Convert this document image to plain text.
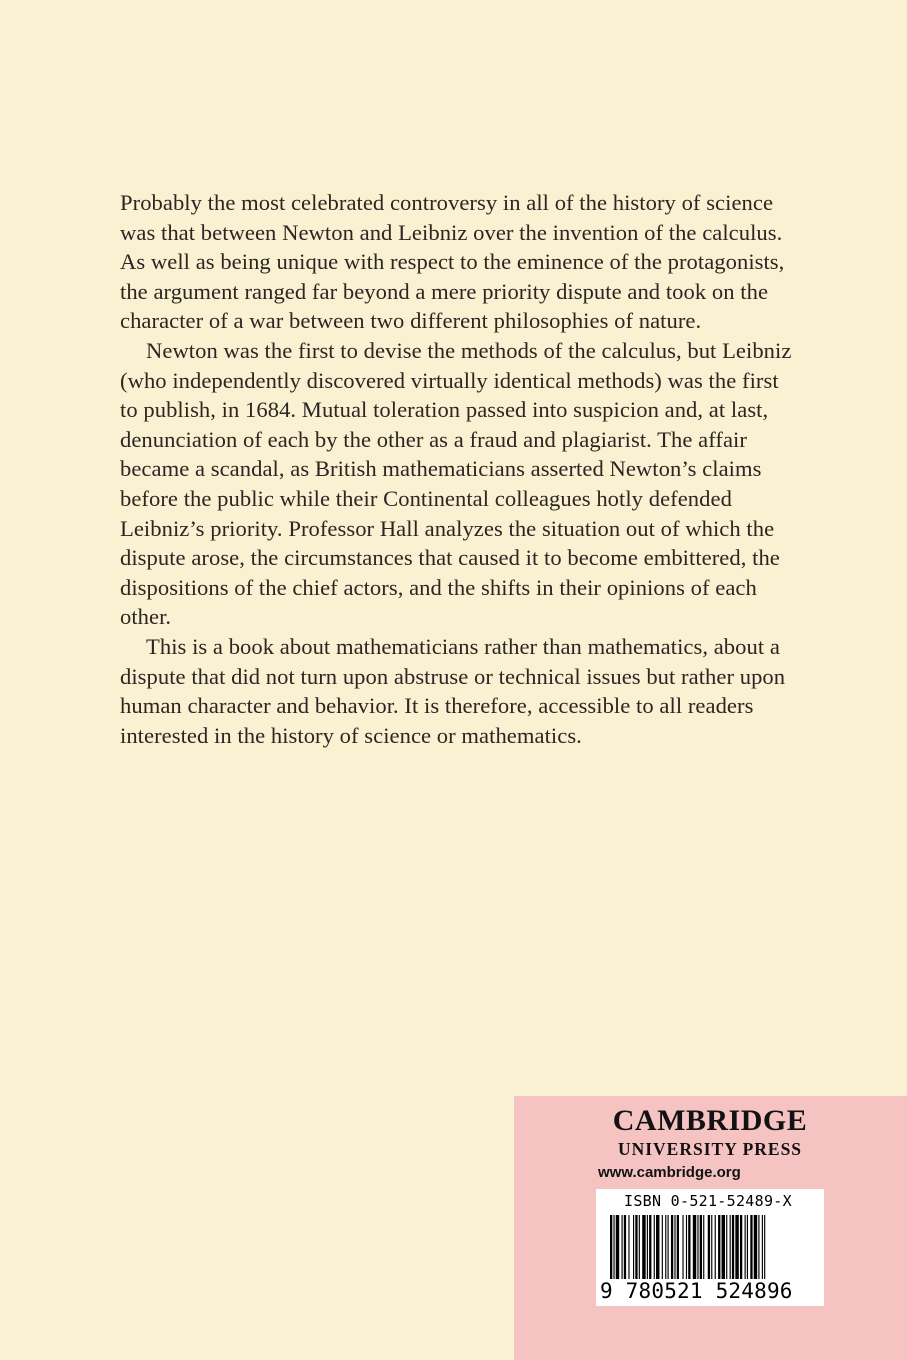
Probably the most celebrated controversy in all of the history of science was that between Newton and Leibniz over the invention of the calculus. As well as being unique with respect to the eminence of the protagonists, the argument ranged far beyond a mere priority dispute and took on the character of a war between two different philosophies of nature.

Newton was the first to devise the methods of the calculus, but Leibniz (who independently discovered virtually identical methods) was the first to publish, in 1684. Mutual toleration passed into suspicion and, at last, denunciation of each by the other as a fraud and plagiarist. The affair became a scandal, as British mathematicians asserted Newton’s claims before the public while their Continental colleagues hotly defended Leibniz’s priority. Professor Hall analyzes the situation out of which the dispute arose, the circumstances that caused it to become embittered, the dispositions of the chief actors, and the shifts in their opinions of each other.

This is a book about mathematicians rather than mathematics, about a dispute that did not turn upon abstruse or technical issues but rather upon human character and behavior. It is therefore, accessible to all readers interested in the history of science or mathematics.

CAMBRIDGE
UNIVERSITY PRESS
www.cambridge.org
ISBN 0-521-52489-X
9 780521 524896
